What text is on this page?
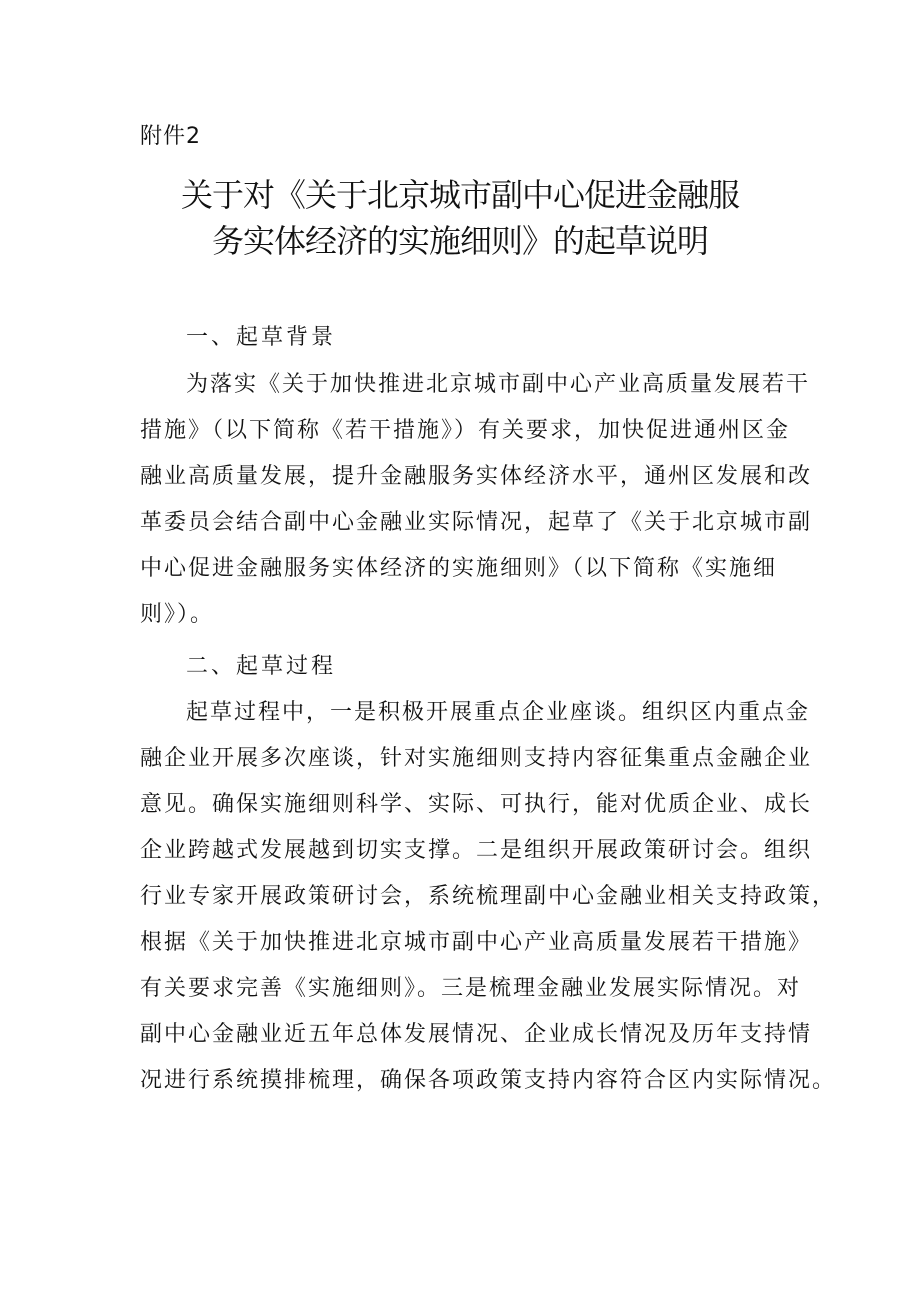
附件2
关于对《关于北京城市副中心促进金融服
务实体经济的实施细则》的起草说明
一、起草背景
为落实《关于加快推进北京城市副中心产业高质量发展若干
措施》（以下简称《若干措施》）有关要求，加快促进通州区金
融业高质量发展，提升金融服务实体经济水平，通州区发展和改
革委员会结合副中心金融业实际情况，起草了《关于北京城市副
中心促进金融服务实体经济的实施细则》（以下简称《实施细
则》）。
二、起草过程
起草过程中，一是积极开展重点企业座谈。组织区内重点金
融企业开展多次座谈，针对实施细则支持内容征集重点金融企业
意见。确保实施细则科学、实际、可执行，能对优质企业、成长
企业跨越式发展越到切实支撑。二是组织开展政策研讨会。组织
行业专家开展政策研讨会，系统梳理副中心金融业相关支持政策，
根据《关于加快推进北京城市副中心产业高质量发展若干措施》
有关要求完善《实施细则》。三是梳理金融业发展实际情况。对
副中心金融业近五年总体发展情况、企业成长情况及历年支持情
况进行系统摸排梳理，确保各项政策支持内容符合区内实际情况。
